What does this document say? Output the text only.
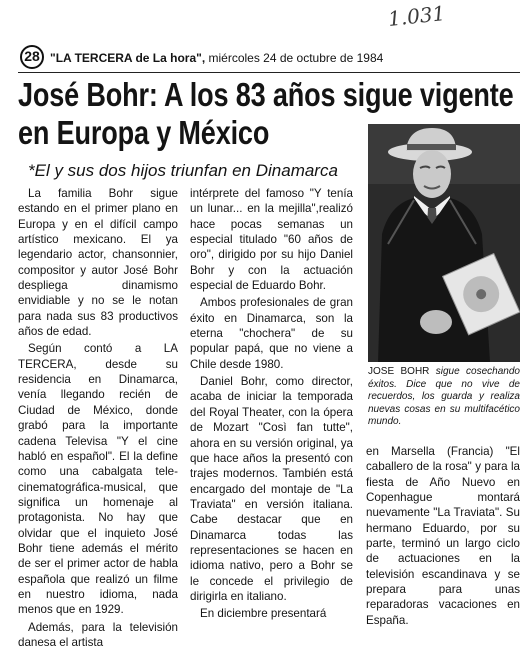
1.031
28 "LA TERCERA de La hora", miércoles 24 de octubre de 1984
José Bohr: A los 83 años sigue vigente en Europa y México
*El y sus dos hijos triunfan en Dinamarca

La familia Bohr sigue estando en el primer plano en Europa y en el difícil campo artístico mexicano. El ya legendario actor, chansonnier, compositor y autor José Bohr despliega dinamismo envidiable y no se le notan para nada sus 83 productivos años de edad.

Según contó a LA TERCERA, desde su residencia en Dinamarca, venía llegando recién de Ciudad de México, donde grabó para la importante cadena Televisa "Y el cine habló en español". El la define como una cabalgata tele-cinematográfica-musical, que significa un homenaje al protagonista. No hay que olvidar que el inquieto José Bohr tiene además el mérito de ser el primer actor de habla española que realizó un filme en nuestro idioma, nada menos que en 1929.

Además, para la televisión danesa el artista

intérprete del famoso "Y tenía un lunar... en la mejilla",realizó hace pocas semanas un especial titulado "60 años de oro", dirigido por su hijo Daniel Bohr y con la actuación especial de Eduardo Bohr.

Ambos profesionales de gran éxito en Dinamarca, son la eterna "chochera" de su popular papá, que no viene a Chile desde 1980.

Daniel Bohr, como director, acaba de iniciar la temporada del Royal Theater, con la ópera de Mozart "Così fan tutte", ahora en su versión original, ya que hace años la presentó con trajes modernos. También está encargado del montaje de "La Traviata" en versión italiana. Cabe destacar que en Dinamarca todas las representaciones se hacen en idioma nativo, pero a Bohr se le concede el privilegio de dirigirla en italiano.

En diciembre presentará

JOSE BOHR sigue cosechando éxitos. Dice que no vive de recuerdos, los guarda y realiza nuevas cosas en su multifacético mundo.

en Marsella (Francia) "El caballero de la rosa" y para la fiesta de Año Nuevo en Copenhague montará nuevamente "La Traviata". Su hermano Eduardo, por su parte, terminó un largo ciclo de actuaciones en la televisión escandinava y se prepara para unas reparadoras vacaciones en España.
